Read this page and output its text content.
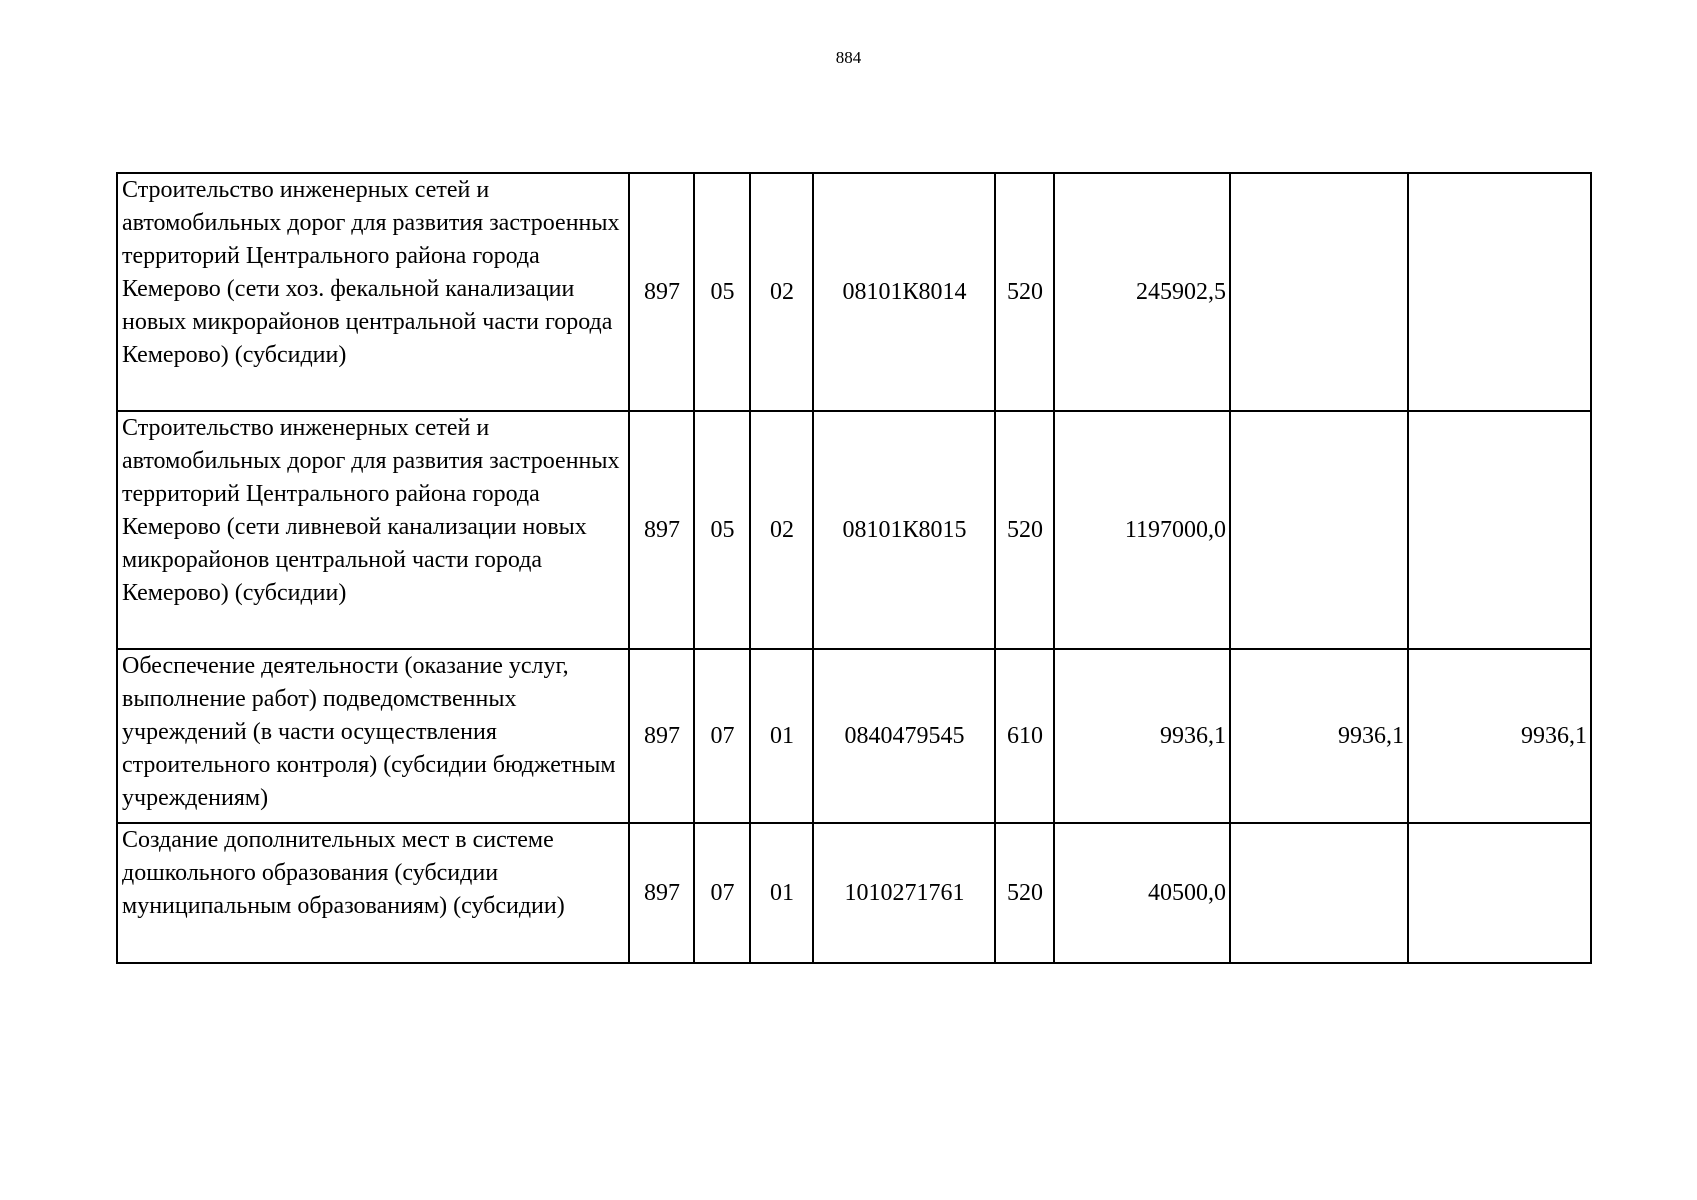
884
Строительство инженерных сетей и автомобильных дорог для развития застроенных территорий Центрального района города Кемерово (сети хоз. фекальной канализации новых микрорайонов центральной части города Кемерово) (субсидии)	897	05	02	08101К8014	520	245902,5		
Строительство инженерных сетей и автомобильных дорог для развития застроенных территорий Центрального района города Кемерово (сети ливневой канализации новых микрорайонов центральной части города Кемерово) (субсидии)	897	05	02	08101К8015	520	1197000,0		
Обеспечение деятельности (оказание услуг, выполнение работ) подведомственных учреждений (в части осуществления строительного контроля) (субсидии бюджетным учреждениям)	897	07	01	0840479545	610	9936,1	9936,1	9936,1
Создание дополнительных мест в системе дошкольного образования (субсидии муниципальным образованиям) (субсидии)	897	07	01	1010271761	520	40500,0		
